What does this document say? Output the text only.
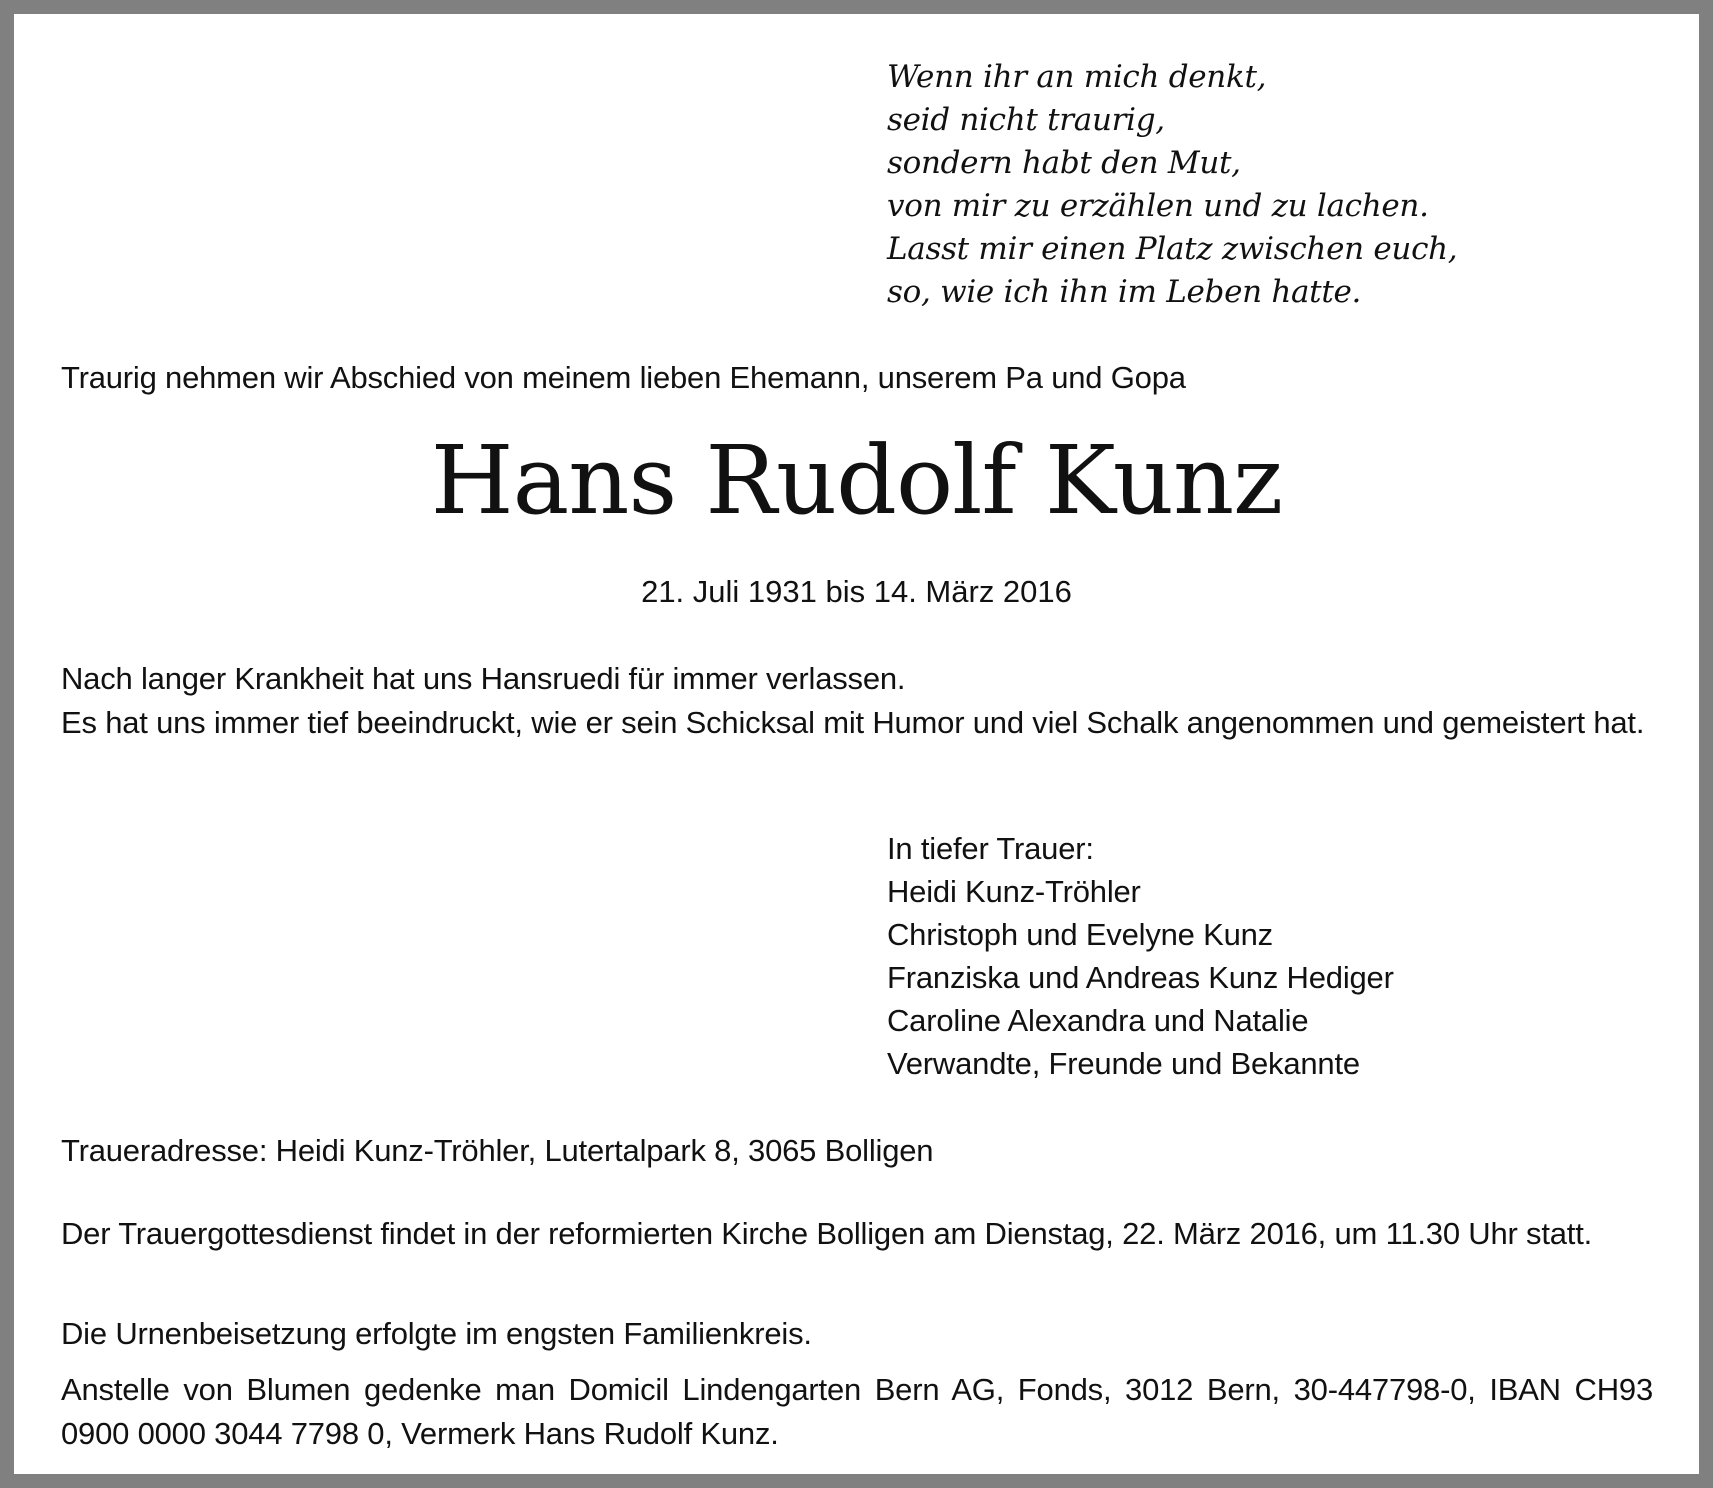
Wenn ihr an mich denkt,
seid nicht traurig,
sondern habt den Mut,
von mir zu erzählen und zu lachen.
Lasst mir einen Platz zwischen euch,
so, wie ich ihn im Leben hatte.
Traurig nehmen wir Abschied von meinem lieben Ehemann, unserem Pa und Gopa
Hans Rudolf Kunz
21. Juli 1931 bis 14. März 2016

Nach langer Krankheit hat uns Hansruedi für immer verlassen.

Es hat uns immer tief beeindruckt, wie er sein Schicksal mit Humor und viel Schalk angenommen und gemeistert hat.

In tiefer Trauer:
Heidi Kunz-Tröhler
Christoph und Evelyne Kunz
Franziska und Andreas Kunz Hediger
Caroline Alexandra und Natalie
Verwandte, Freunde und Bekannte
Traueradresse: Heidi Kunz-Tröhler, Lutertalpark 8, 3065 Bolligen
Der Trauergottesdienst findet in der reformierten Kirche Bolligen am Dienstag, 22. März 2016, um 11.30 Uhr statt.
Die Urnenbeisetzung erfolgte im engsten Familienkreis.
Anstelle von Blumen gedenke man Domicil Lindengarten Bern AG, Fonds, 3012 Bern, 30-447798-0, IBAN CH93 0900 0000 3044 7798 0, Vermerk Hans Rudolf Kunz.
